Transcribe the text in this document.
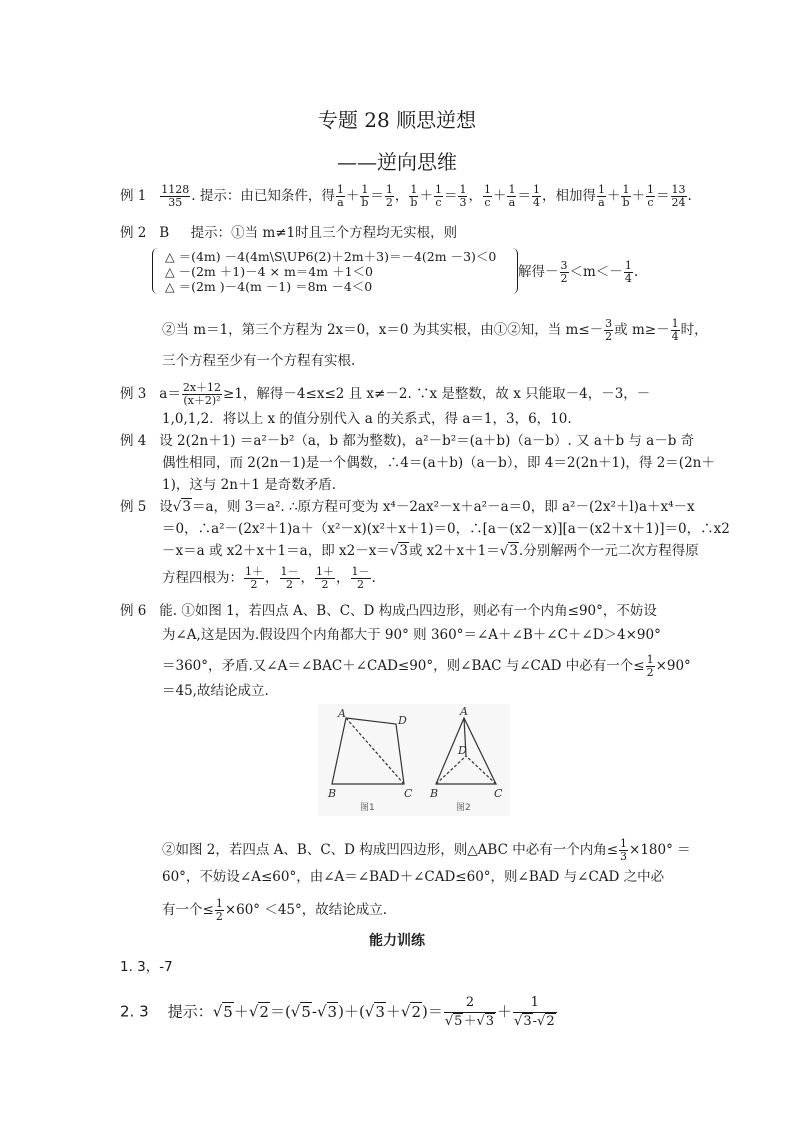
专题 28 顺思逆想
——逆向思维
例 $1 \frac{1128}{35}$ . 提示：由已知条件，得 $\frac{1}{a} + \frac{1}{b} = \frac{1}{2}$ ， $\frac{1}{b} + \frac{1}{c} = \frac{1}{3}$ ， $\frac{1}{c} + \frac{1}{a} = \frac{1}{4}$ ，相加得 $\frac{1}{a} + \frac{1}{b} + \frac{1}{c} = \frac{13}{24}$ .
例 2 B 提示：①当 m≠1时且三个方程均无实根，则
△ ＝(4m) －4(4m\S\UP6(2)＋2m＋3)＝－4(2m －3)＜0
△ －(2m ＋1)－4 × m＝4m ＋1＜0
△ ＝(2m )－4(m －1) ＝8m －4＜0
解得－ $\frac{3}{2} <m<- \frac{1}{4}$ .
②当 m＝1，第三个方程为 2x＝0，x＝0 为其实根，由①②知，当 $m\le- \frac{3}{2}$ 或 $m\ge- \frac{1}{4}$ 时，
三个方程至少有一个方程有实根.
例 3 $a= \frac{2x+12}{\text{(x＋2)²}} \ge 1$，解得－4≤x≤2 且 x≠－2. ∵x 是整数，故 x 只能取－4，－3，－
1,0,1,2．将以上 x 的值分别代入 a 的关系式，得 a＝1，3，6，10.
例 4 设 2(2n＋1) ＝a²－b²（a，b 都为整数)，a²－b²＝(a＋b)（a－b）. 又 a＋b 与 a－b 奇
偶性相同，而 2(2n－1)是一个偶数，∴4＝(a＋b)（a－b），即 4＝2(2n＋1)，得 2＝(2n＋
1)，这与 2n＋1 是奇数矛盾.
例 5 设√3＝a，则 3＝a². ∴原方程可变为 x⁴－2ax²－x＋a²－a＝0，即 a²－(2x²＋l)a＋x⁴－x
＝0，∴a²－(2x²＋1)a＋（x²－x)(x²＋x＋1)＝0，∴[a－(x2－x)][a－(x2＋x＋1)]＝0，∴x2
－x＝a 或 x2＋x＋1＝a，即 x2－x＝√3或 x2＋x＋1＝√3.分别解两个一元二次方程得原
方程四根为： $\frac{1+}{2}$ ， $\frac{1-}{2}$ ， $\frac{1+}{2}$ ， $\frac{1-}{2}$ .
例 6 能. ①如图 1，若四点 A、B、C、D 构成凸四边形，则必有一个内角≤90°，不妨设
为∠A,这是因为.假设四个内角都大于 90° 则 360°＝∠A＋∠B＋∠C＋∠D＞4×90°
＝360°，矛盾.又∠A＝∠BAC＋∠CAD≤90°，则∠BAC 与∠CAD 中必有一个≤ $\frac{1}{2} \times 90^\circ$
＝45,故结论成立.
A
D
B	C
A
D
B	C
图1	图2
②如图 2，若四点 A、B、C、D 构成凹四边形，则△ABC 中必有一个内角≤ $\frac{1}{3} \times 180^\circ$ ＝
60°，不妨设∠A≤60°，由∠A＝∠BAD＋∠CAD≤60°，则∠BAD 与∠CAD 之中必
有一个≤ $\frac{1}{2} \times 60^\circ <45^\circ$，故结论成立.
能力训练
1. 3，-7
2. 3 提示：$√5+√2=(√5-√3)+(√3+√2)= \frac{2}{√5+√3} + \frac{1}{√3-√2}$
